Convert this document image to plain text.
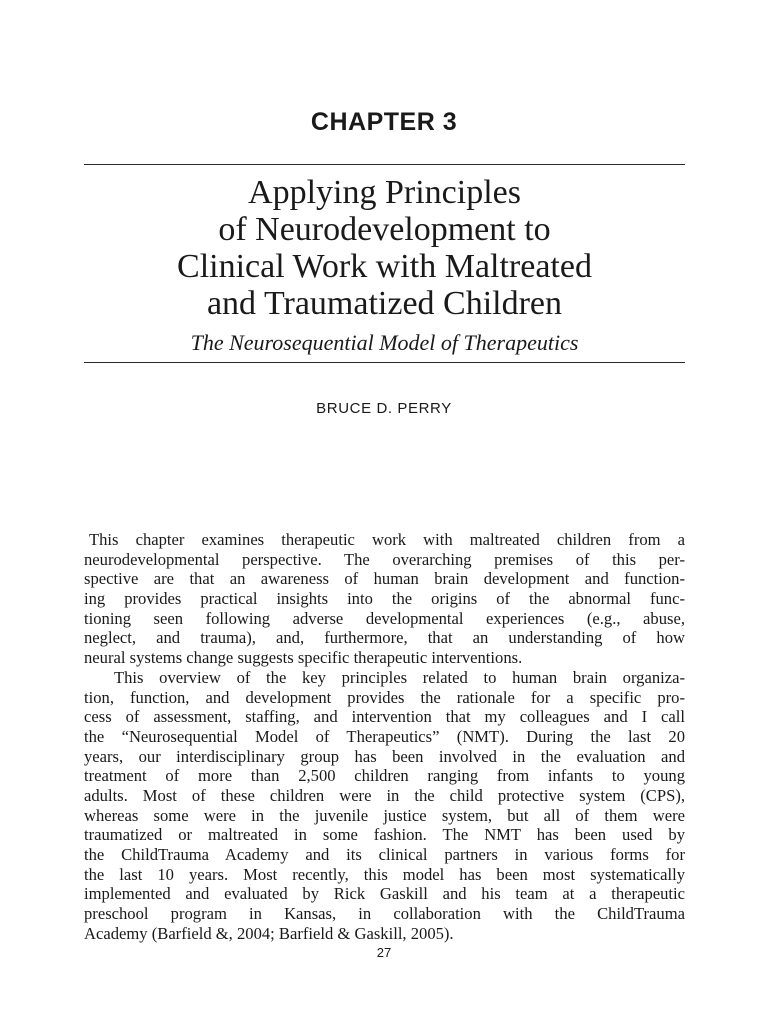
CHAPTER 3
Applying Principles
of Neurodevelopment to
Clinical Work with Maltreated
and Traumatized Children
The Neurosequential Model of Therapeutics
BRUCE D. PERRY
This chapter examines therapeutic work with maltreated children from a
neurodevelopmental perspective. The overarching premises of this per-
spective are that an awareness of human brain development and function-
ing provides practical insights into the origins of the abnormal func-
tioning seen following adverse developmental experiences (e.g., abuse,
neglect, and trauma), and, furthermore, that an understanding of how
neural systems change suggests specific therapeutic interventions.
This overview of the key principles related to human brain organiza-
tion, function, and development provides the rationale for a specific pro-
cess of assessment, staffing, and intervention that my colleagues and I call
the “Neurosequential Model of Therapeutics” (NMT). During the last 20
years, our interdisciplinary group has been involved in the evaluation and
treatment of more than 2,500 children ranging from infants to young
adults. Most of these children were in the child protective system (CPS),
whereas some were in the juvenile justice system, but all of them were
traumatized or maltreated in some fashion. The NMT has been used by
the ChildTrauma Academy and its clinical partners in various forms for
the last 10 years. Most recently, this model has been most systematically
implemented and evaluated by Rick Gaskill and his team at a therapeutic
preschool program in Kansas, in collaboration with the ChildTrauma
Academy (Barfield &, 2004; Barfield & Gaskill, 2005).
27
